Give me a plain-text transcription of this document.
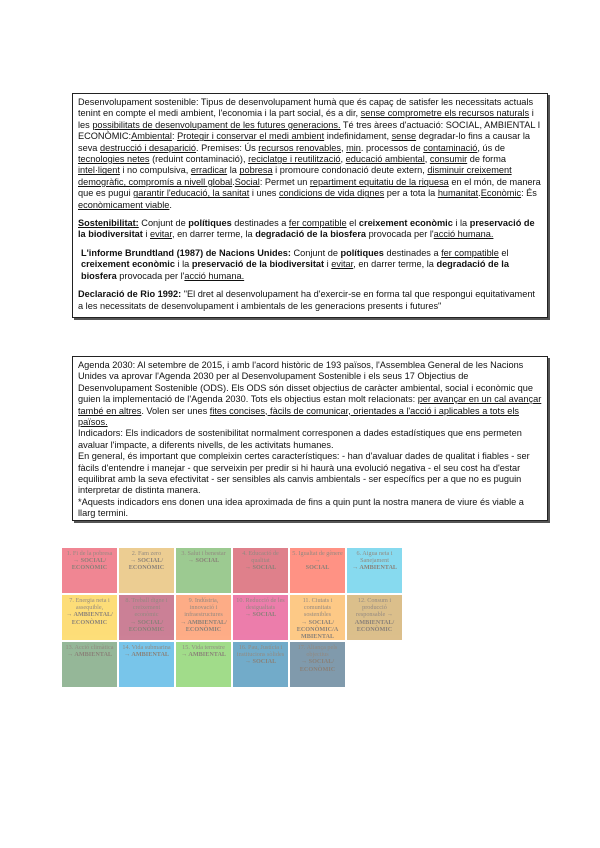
Desenvolupament sostenible: Tipus de desenvolupament humà que és capaç de satisfer les necessitats actuals tenint en compte el medi ambient, l'economia i la part social, és a dir, sense comprometre els recursos naturals i les possibilitats de desenvolupament de les futures generacions. Té tres àrees d'actuació: SOCIAL, AMBIENTAL I ECONÒMIC:Ambiental: Protegir i conservar el medi ambient indefinidament, sense degradar-lo fins a causar la seva destrucció i desaparició. Premises: Ús recursos renovables, min. processos de contaminació, ús de tecnologies netes (reduint contaminació), reciclatge i reutilització, educació ambiental, consumir de forma intel·ligent i no compulsiva, erradicar la pobresa i promoure condonació deute extern, disminuir creixement demogràfic, compromís a nivell global.Social: Permet un repartiment equitatiu de la riquesa en el món, de manera que es pugui garantir l'educació, la sanitat i unes condicions de vida dignes per a tota la humanitat.Econòmic: És econòmicament viable.

Sostenibilitat: Conjunt de polítiques destinades a fer compatible el creixement econòmic i la preservació de la biodiversitat i evitar, en darrer terme, la degradació de la biosfera provocada per l'acció humana.

L'informe Brundtland (1987) de Nacions Unides: Conjunt de polítiques destinades a fer compatible el creixement econòmic i la preservació de la biodiversitat i evitar, en darrer terme, la degradació de la biosfera provocada per l'acció humana.

Declaració de Rio 1992: "El dret al desenvolupament ha d'exercir-se en forma tal que respongui equitativament a les necessitats de desenvolupament i ambientals de les generacions presents i futures"

Agenda 2030: Al setembre de 2015, i amb l'acord històric de 193 països, l'Assemblea General de les Nacions Unides va aprovar l'Agenda 2030 per al Desenvolupament Sostenible i els seus 17 Objectius de Desenvolupament Sostenible (ODS). Els ODS són disset objectius de caràcter ambiental, social i econòmic que guien la implementació de l'Agenda 2030. Tots els objectius estan molt relacionats: per avançar en un cal avançar també en altres. Volen ser unes fites concises, fàcils de comunicar, orientades a l'acció i aplicables a tots els països.

Indicadors: Els indicadors de sostenibilitat normalment corresponen a dades estadístiques que ens permeten avaluar l'impacte, a diferents nivells, de les activitats humanes.

En general, és important que compleixin certes característiques: - han d'avaluar dades de qualitat i fiables - ser fàcils d'entendre i manejar - que serveixin per predir si hi haurà una evolució negativa - el seu cost ha d'estar equilibrat amb la seva efectivitat - ser sensibles als canvis ambientals - ser específics per a que no es puguin interpretar de distinta manera.

*Aquests indicadors ens donen una idea aproximada de fins a quin punt la nostra manera de viure és viable a llarg termini.

1. Fi de la pobresa
→ SOCIAL/ ECONÒMIC
2. Fam zero
→ SOCIAL/ ECONÒMIC
3. Salut i benestar
→ SOCIAL
4. Educació de qualitat
→ SOCIAL
5. Igualtat de gènere →
SOCIAL
6. Aigua neta i Sanejament
→ AMBIENTAL
7. Energia neta i assequible,
→ AMBIENTAL/ ECONÒMIC
8. Treball digne i creixement econòmic
→ SOCIAL/ ECONÒMIC
9. Indústria, innovació i infraestructures
→ AMBIENTAL/ ECONÒMIC
10. Reducció de les desigualtats
→ SOCIAL
11. Ciutats i comunitats sostenibles
→ SOCIAL/ ECONÒMIC/A MBIENTAL
12. Consum i producció responsable →
AMBIENTAL/ ECONÒMIC
13. Acció climàtica
→ AMBIENTAL
14. Vida submarina
→ AMBIENTAL
15. Vida terrestre
→ AMBIENTAL
16. Pau, Justícia i institucions sòlides
→ SOCIAL
17. Aliança pels objectius
→ SOCIAL/ ECONÒMIC
